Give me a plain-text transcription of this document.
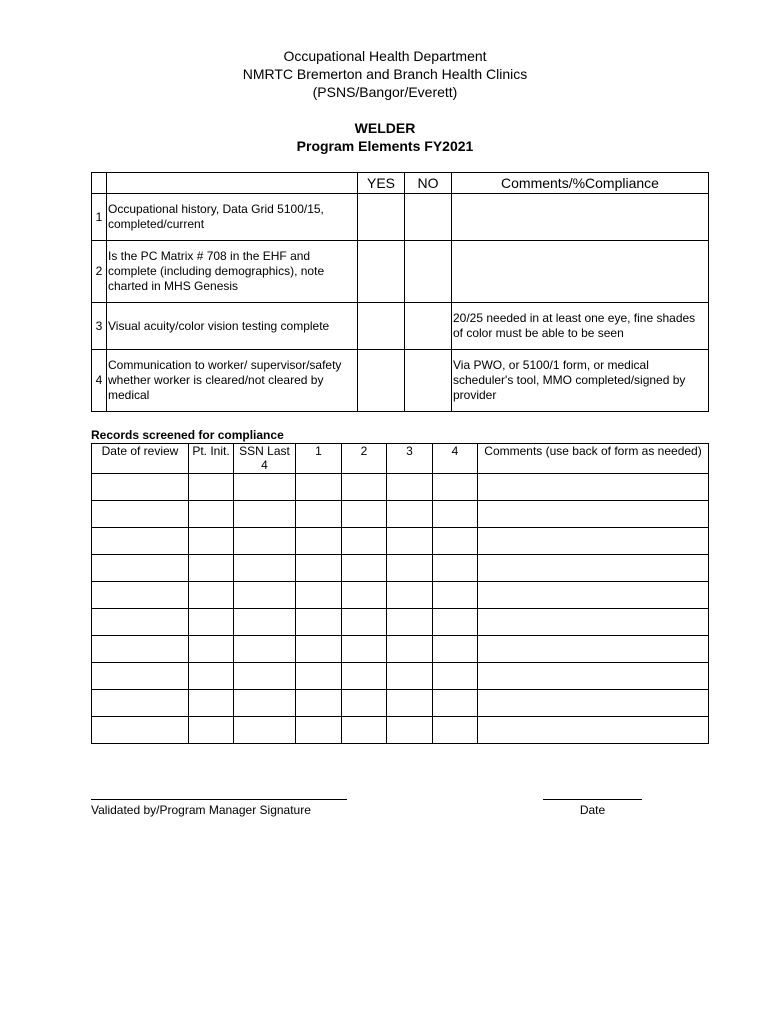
Occupational Health Department
NMRTC Bremerton and Branch Health Clinics
(PSNS/Bangor/Everett)
WELDER
Program Elements FY2021
		YES	NO	Comments/%Compliance
1	Occupational history, Data Grid 5100/15, completed/current			
2	Is the PC Matrix # 708 in the EHF and complete (including demographics), note charted in MHS Genesis			
3	Visual acuity/color vision testing complete			20/25 needed in at least one eye, fine shades of color must be able to be seen
4	Communication to worker/ supervisor/safety whether worker is cleared/not cleared by medical			Via PWO, or 5100/1 form, or medical scheduler's tool, MMO completed/signed by provider
Records screened for compliance
Date of review	Pt. Init.	SSN Last 4	1	2	3	4	Comments (use back of form as needed)

Validated by/Program Manager Signature	Date
